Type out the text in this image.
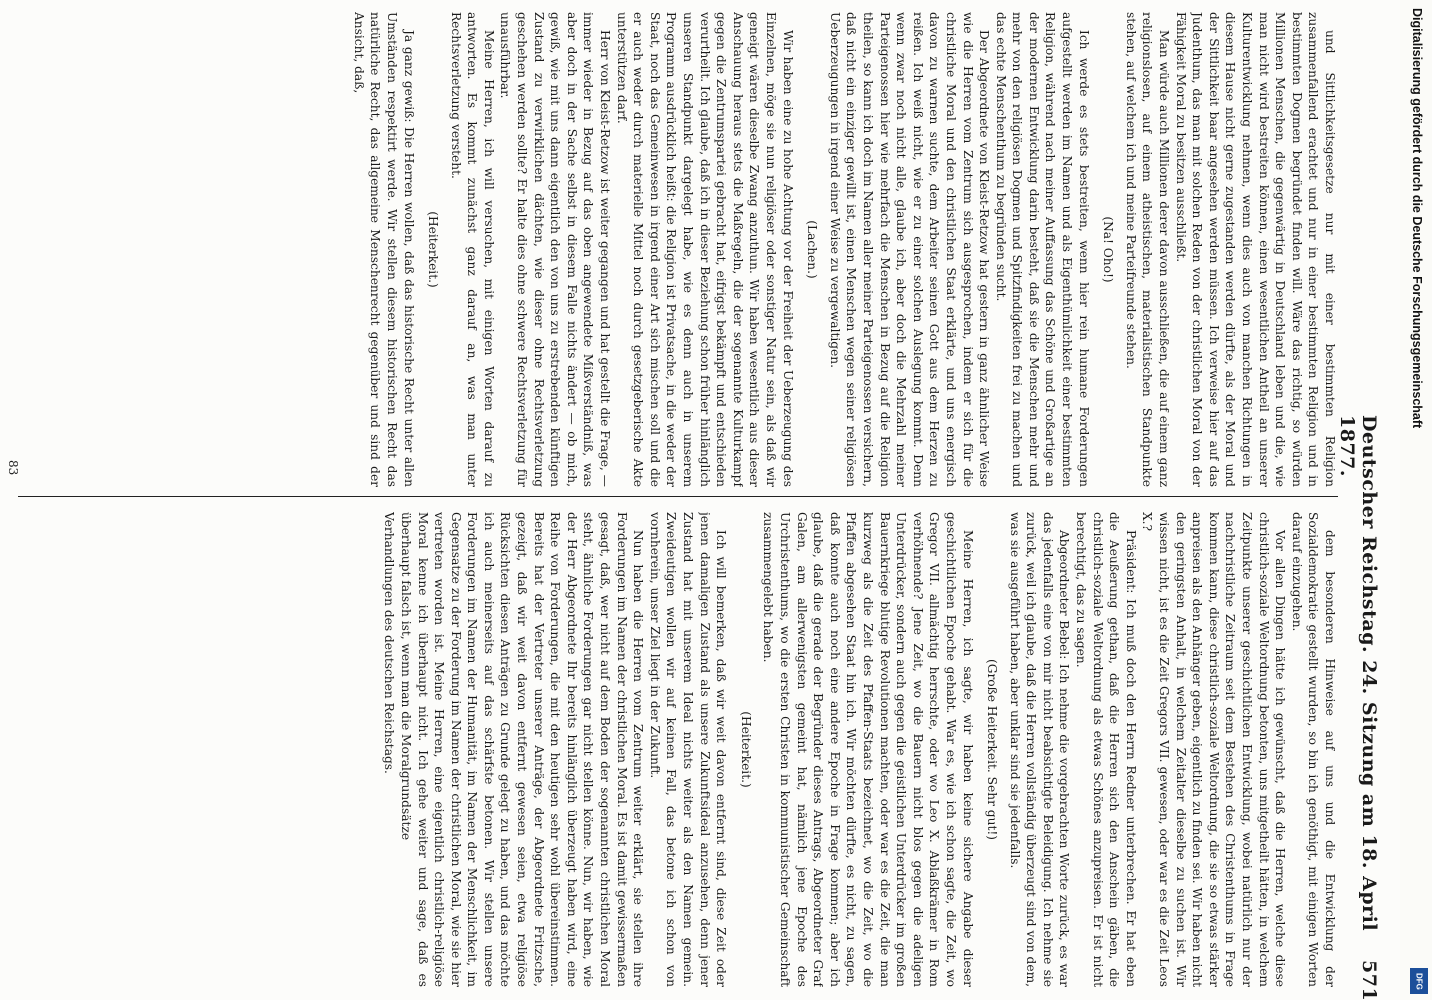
Deutscher Reichstag. 24. Sitzung am 18. April 1877.
571

und Sittlichkeitsgesetze nur mit einer bestimmten Religion zusammenfallend erachtet und nur in einer bestimmten Religion und in bestimmten Dogmen begründet finden will. Wäre das richtig, so würden Millionen Menschen, die gegenwärtig in Deutschland leben und die, wie man nicht wird bestreiten können, einen wesentlichen Antheil an unserer Kulturentwicklung nehmen, wenn dies auch von manchen Richtungen in diesem Hause nicht gerne zugestanden werden dürfte, als der Moral und der Sittlichkeit baar angesehen werden müssen. Ich verweise hier auf das Judenthum, das man mit solchen Reden von der christlichen Moral von der Fähigkeit Moral zu besitzen ausschließt.

Man würde auch Millionen derer davon ausschließen, die auf einem ganz religionslosen, auf einem atheistischen, materialistischen Standpunkte stehen, auf welchem ich und meine Parteifreunde stehen.

(Na! Oho!)

Ich werde es stets bestreiten, wenn hier rein humane Forderungen aufgestellt werden im Namen und als Eigenthümlichkeit einer bestimmten Religion, während nach meiner Auffassung das Schöne und Großartige an der modernen Entwicklung darin besteht, daß sie die Menschen mehr und mehr von den religiösen Dogmen und Spitzfindigkeiten frei zu machen und das echte Menschenthum zu begründen sucht.

Der Abgeordnete von Kleist-Retzow hat gestern in ganz ähnlicher Weise wie die Herren vom Zentrum sich ausgesprochen, indem er sich für die christliche Moral und den christlichen Staat erklärte, und uns energisch davon zu warnen suchte, dem Arbeiter seinen Gott aus dem Herzen zu reißen. Ich weiß nicht, wie er zu einer solchen Auslegung kommt. Denn wenn zwar noch nicht alle, glaube ich, aber doch die Mehrzahl meiner Parteigenossen hier wie mehrfach die Menschen in Bezug auf die Religion theilen, so kann ich doch im Namen aller meiner Parteigenossen versichern, daß nicht ein einziger gewillt ist, einen Menschen wegen seiner religiösen Ueberzeugungen in irgend einer Weise zu vergewaltigen.

(Lachen.)

Wir haben eine zu hohe Achtung vor der Freiheit der Ueberzeugung des Einzelnen, möge sie nun religiöser oder sonstiger Natur sein, als daß wir geneigt wären dieselbe Zwang anzuthun. Wir haben wesentlich aus dieser Anschauung heraus stets die Maßregeln, die der sogenannte Kulturkampf gegen die Zentrumspartei gebracht hat, eifrigst bekämpft und entschieden verurtheilt. Ich glaube, daß ich in dieser Beziehung schon früher hinlänglich unseren Standpunkt dargelegt habe, wie es denn auch in unserem Programm ausdrücklich heißt: die Religion ist Privatsache, in die weder der Staat, noch das Gemeinwesen in irgend einer Art sich mischen soll und die er auch weder durch materielle Mittel noch durch gesetzgeberische Akte unterstützen darf.

Herr von Kleist-Retzow ist weiter gegangen und hat gestellt die Frage, — immer wieder in Bezug auf das oben angewendete Mißverständniß, was aber doch in der Sache selbst in diesem Falle nichts ändert — ob mich, gewiß, wie mit uns dann eigentlich den von uns zu erstrebenden künftigen Zustand zu verwirklichen dächten, wie dieser ohne Rechtsverletzung geschehen werden sollte? Er halte dies ohne schwere Rechtsverletzung für unausführbar.

Meine Herren, ich will versuchen, mit einigen Worten darauf zu antworten. Es kommt zunächst ganz darauf an, was man unter Rechtsverletzung versteht.

(Heiterkeit.)

Ja ganz gewiß: Die Herren wollen, daß das historische Recht unter allen Umständen respektirt werde. Wir stellen diesem historischen Recht das natürliche Recht, das allgemeine Menschenrecht gegenüber und sind der Ansicht, daß,

dem besonderen Hinweise auf uns und die Entwicklung der Sozialdemokratie gestellt wurden, so bin ich genöthigt, mit einigen Worten darauf einzugehen.

Vor allen Dingen hätte ich gewünscht, daß die Herren, welche diese christlich-soziale Weltordnung betonten, uns mitgetheilt hätten, in welchem Zeitpunkte unserer geschichtlichen Entwicklung, wobei natürlich nur der nachchristliche Zeitraum seit dem Bestehen des Christenthums in Frage kommen kann, diese christlich-soziale Weltordnung, die sie so etwas stärker anpreisen als den Anhänger geben, eigentlich zu finden sei. Wir haben nicht den geringsten Anhalt, in welchem Zeitalter dieselbe zu suchen ist. Wir wissen nicht, ist es die Zeit Gregors VII. gewesen, oder war es die Zeit Leos X.?

Präsident: Ich muß doch den Herrn Redner unterbrechen. Er hat eben die Aeußerung gethan, daß die Herren sich den Anschein gäben, die christlich-soziale Weltordnung als etwas Schönes anzupreisen. Er ist nicht berechtigt, das zu sagen.

Abgeordneter Bebel: Ich nehme die vorgebrachten Worte zurück, es war das jedenfalls eine von mir nicht beabsichtigte Beleidigung. Ich nehme sie zurück, weil ich glaube, daß die Herren vollständig überzeugt sind von dem, was sie ausgeführt haben, aber unklar sind sie jedenfalls.

(Große Heiterkeit. Sehr gut!)

Meine Herren, ich sagte, wir haben keine sichere Angabe dieser geschichtlichen Epoche gehabt. War es, wie ich schon sagte, die Zeit, wo Gregor VII. allmächtig herrschte, oder wo Leo X. Ablaßkrämer in Rom verhöhnende? Jene Zeit, wo die Bauern nicht blos gegen die adeligen Unterdrücker, sondern auch gegen die geistlichen Unterdrücker im großen Bauernkriege blutige Revolutionen machten, oder war es die Zeit, die man kurzweg als die Zeit des Pfaffen-Staats bezeichnet, wo die Zeit, wo die Pfaffen abgesehen Staat hin ich. Wir möchten dürfte, es nicht, zu sagen, daß konnte auch noch eine andere Epoche in Frage kommen; aber ich glaube, daß die gerade der Begründer dieses Antrags, Abgeordneter Graf Galen, am allerwenigsten gemeint hat, nämlich jene Epoche des Urchristenthums, wo die ersten Christen in kommunistischer Gemeinschaft zusammengelebt haben.

(Heiterkeit.)

Ich will bemerken, daß wir weit davon entfernt sind, diese Zeit oder jenen damaligen Zustand als unsere Zukunftsideal anzusehen, denn jener Zustand hat mit unserem Ideal nichts weiter als den Namen gemein. Zweideutigen wollen wir auf keinen Fall, das betone ich schon von vornherein, unser Ziel liegt in der Zukunft.

Nun haben die Herren vom Zentrum weiter erklärt, sie stellen ihre Forderungen im Namen der christlichen Moral. Es ist damit gewissermaßen gesagt, daß, wer nicht auf dem Boden der sogenannten christlichen Moral steht, ähnliche Forderungen gar nicht stellen könne. Nun, wir haben, wie der Herr Abgeordnete Ihr bereits hinlänglich überzeugt haben wird, eine Reihe von Forderungen, die mit den heutigen sehr wohl übereinstimmen. Bereits hat der Vertreter unserer Anträge, der Abgeordnete Fritzsche, gezeigt, daß wir weit davon entfernt gewesen seien, etwa religiöse Rücksichten diesen Anträgen zu Grunde gelegt zu haben, und das möchte ich auch meinerseits auf das schärfste betonen. Wir stellen unsere Forderungen im Namen der Humanität, im Namen der Menschlichkeit, im Gegensatze zu der Forderung im Namen der christlichen Moral, wie sie hier vertreten worden ist. Meine Herren, eine eigentlich christlich-religiöse Moral kenne ich überhaupt nicht. Ich gehe weiter und sage, daß es überhaupt falsch ist, wenn man die Moralgrundsätze

Verhandlungen des deutschen Reichstags.

83
Digitalisierung gefördert durch die Deutsche Forschungsgemeinschaft
DFG
